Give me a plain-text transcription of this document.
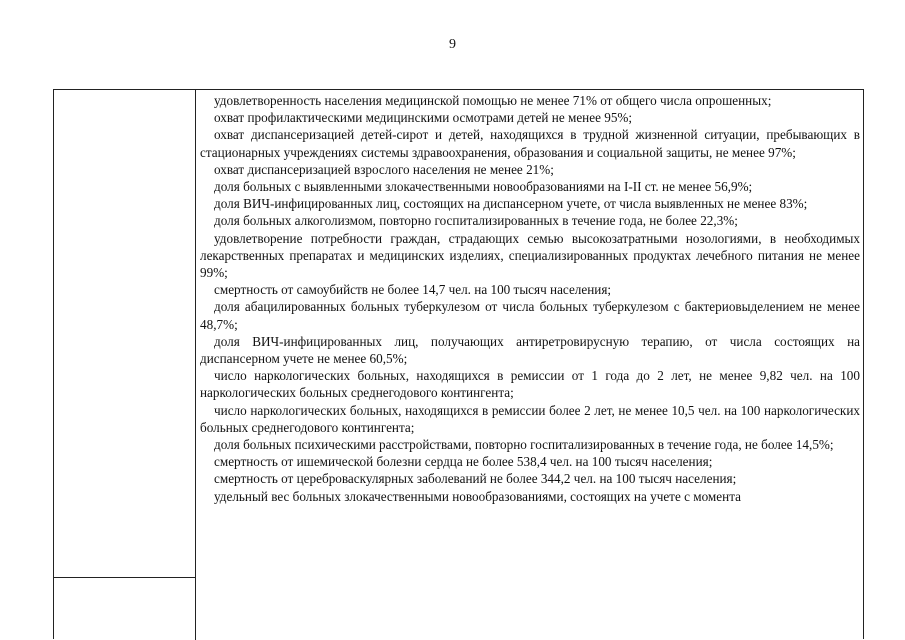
9

удовлетворенность населения медицинской помощью не менее 71% от общего числа опрошенных;

охват профилактическими медицинскими осмотрами детей не менее 95%;

охват диспансеризацией детей-сирот и детей, находящихся в трудной жизненной ситуации, пребывающих в стационарных учреждениях системы здравоохранения, образования и социальной защиты, не менее 97%;

охват диспансеризацией взрослого населения не менее 21%;

доля больных с выявленными злокачественными новообразованиями на I-II ст. не менее 56,9%;

доля ВИЧ-инфицированных лиц, состоящих на диспансерном учете, от числа выявленных не менее 83%;

доля больных алкоголизмом, повторно госпитализированных в течение года, не более 22,3%;

удовлетворение потребности граждан, страдающих семью высокозатратными нозологиями, в необходимых лекарственных препаратах и медицинских изделиях, специализированных продуктах лечебного питания не менее 99%;

смертность от самоубийств не более 14,7 чел. на 100 тысяч населения;

доля абацилированных больных туберкулезом от числа больных туберкулезом с бактериовыделением не менее 48,7%;

доля ВИЧ-инфицированных лиц, получающих антиретровирусную терапию, от числа состоящих на диспансерном учете не менее 60,5%;

число наркологических больных, находящихся в ремиссии от 1 года до 2 лет, не менее 9,82 чел. на 100 наркологических больных среднегодового контингента;

число наркологических больных, находящихся в ремиссии более 2 лет, не менее 10,5 чел. на 100 наркологических больных среднегодового контингента;

доля больных психическими расстройствами, повторно госпитализированных в течение года, не более 14,5%;

смертность от ишемической болезни сердца не более 538,4 чел. на 100 тысяч населения;

смертность от цереброваскулярных заболеваний не более 344,2 чел. на 100 тысяч населения;

удельный вес больных злокачественными новообразованиями, состоящих на учете с момента
